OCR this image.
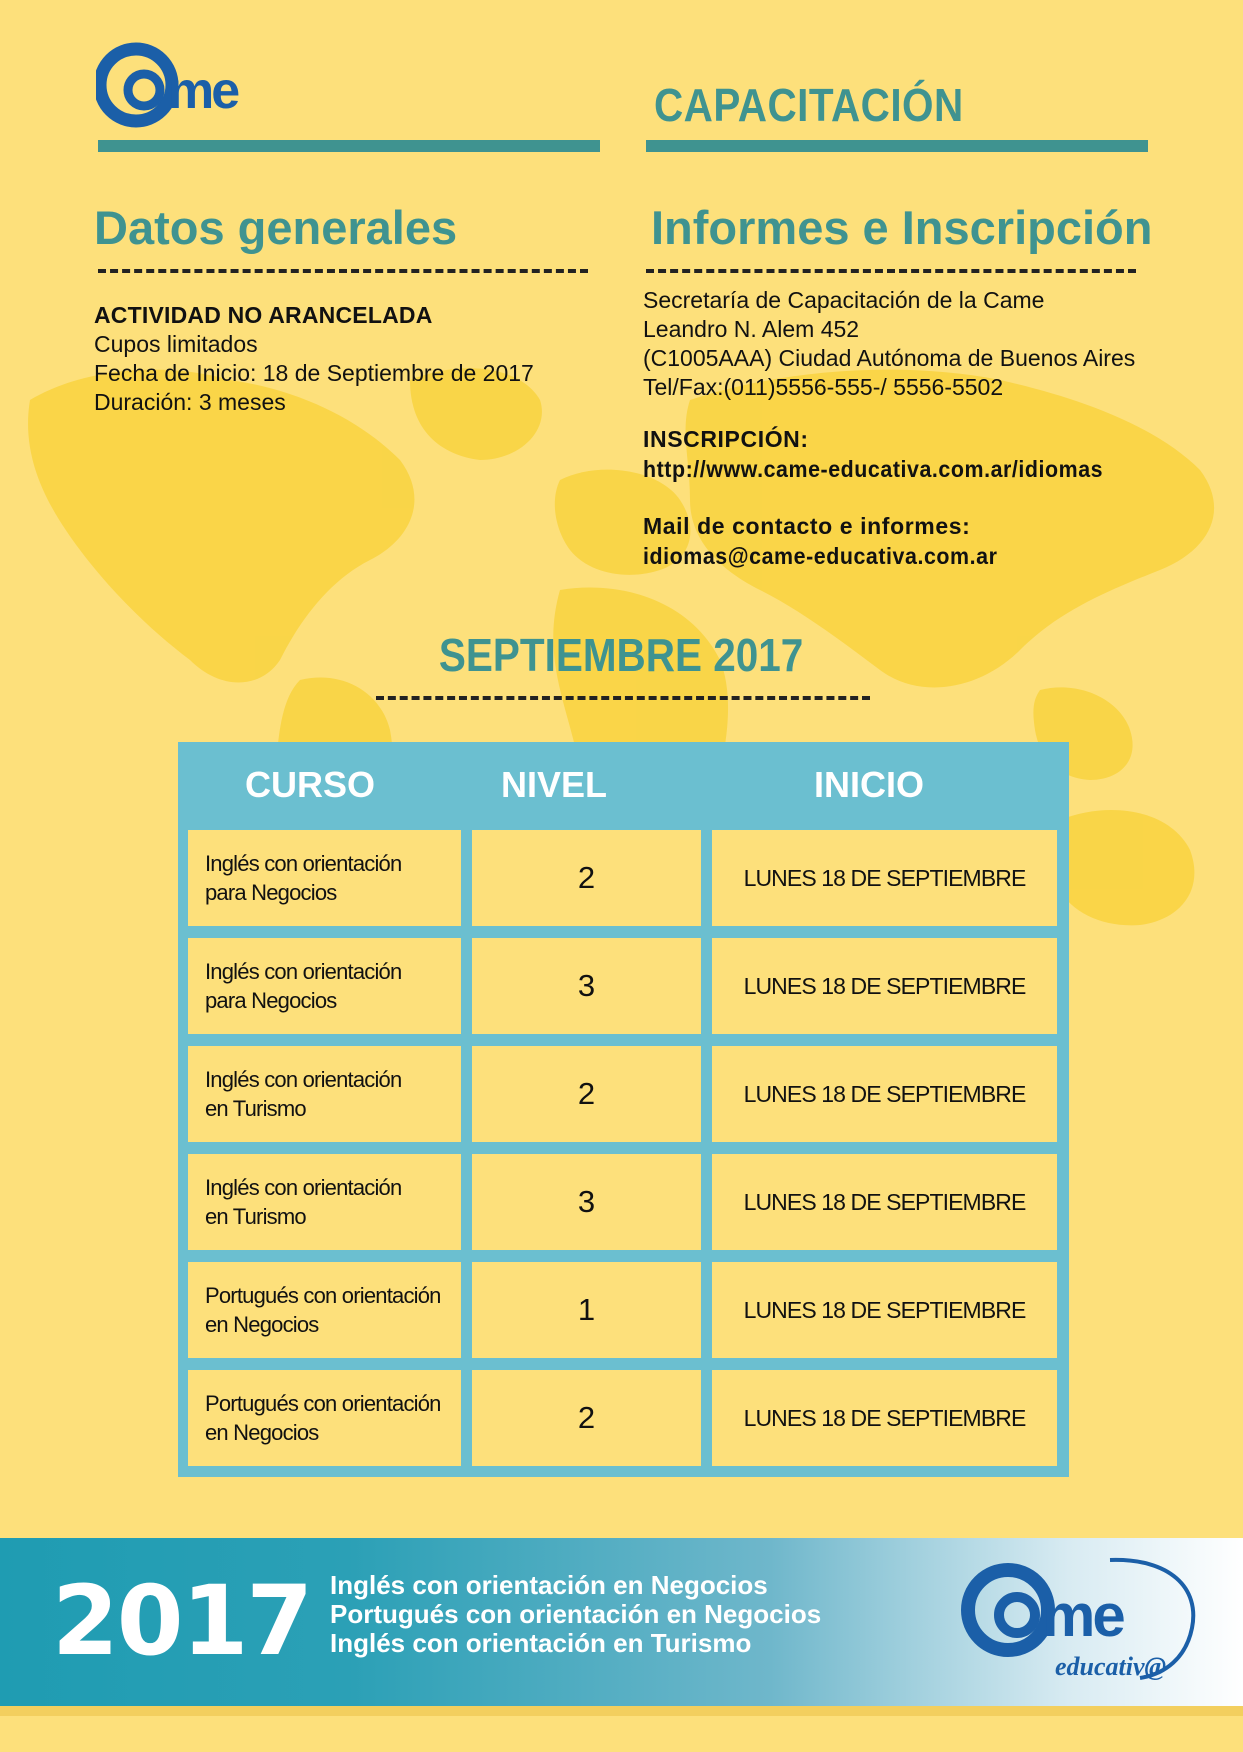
me	CAPACITACIÓN
Datos generales
ACTIVIDAD NO ARANCELADA
Cupos limitados
Fecha de Inicio: 18 de Septiembre de 2017
Duración: 3 meses
Informes e Inscripción
Secretaría de Capacitación de la Came
Leandro N. Alem 452
(C1005AAA) Ciudad Autónoma de Buenos Aires
Tel/Fax:(011)5556-555-/ 5556-5502
INSCRIPCIÓN:
http://www.came-educativa.com.ar/idiomas
Mail de contacto e informes:
idiomas@came-educativa.com.ar
SEPTIEMBRE 2017
CURSO	NIVEL	INICIO
Inglés con orientación
para Negocios	2	LUNES 18 DE SEPTIEMBRE
Inglés con orientación
para Negocios	3	LUNES 18 DE SEPTIEMBRE
Inglés con orientación
en Turismo	2	LUNES 18 DE SEPTIEMBRE
Inglés con orientación
en Turismo	3	LUNES 18 DE SEPTIEMBRE
Portugués con orientación
en Negocios	1	LUNES 18 DE SEPTIEMBRE
Portugués con orientación
en Negocios	2	LUNES 18 DE SEPTIEMBRE
2017 Inglés con orientación en Negocios
Portugués con orientación en Negocios
Inglés con orientación en Turismo	me
educativ@
